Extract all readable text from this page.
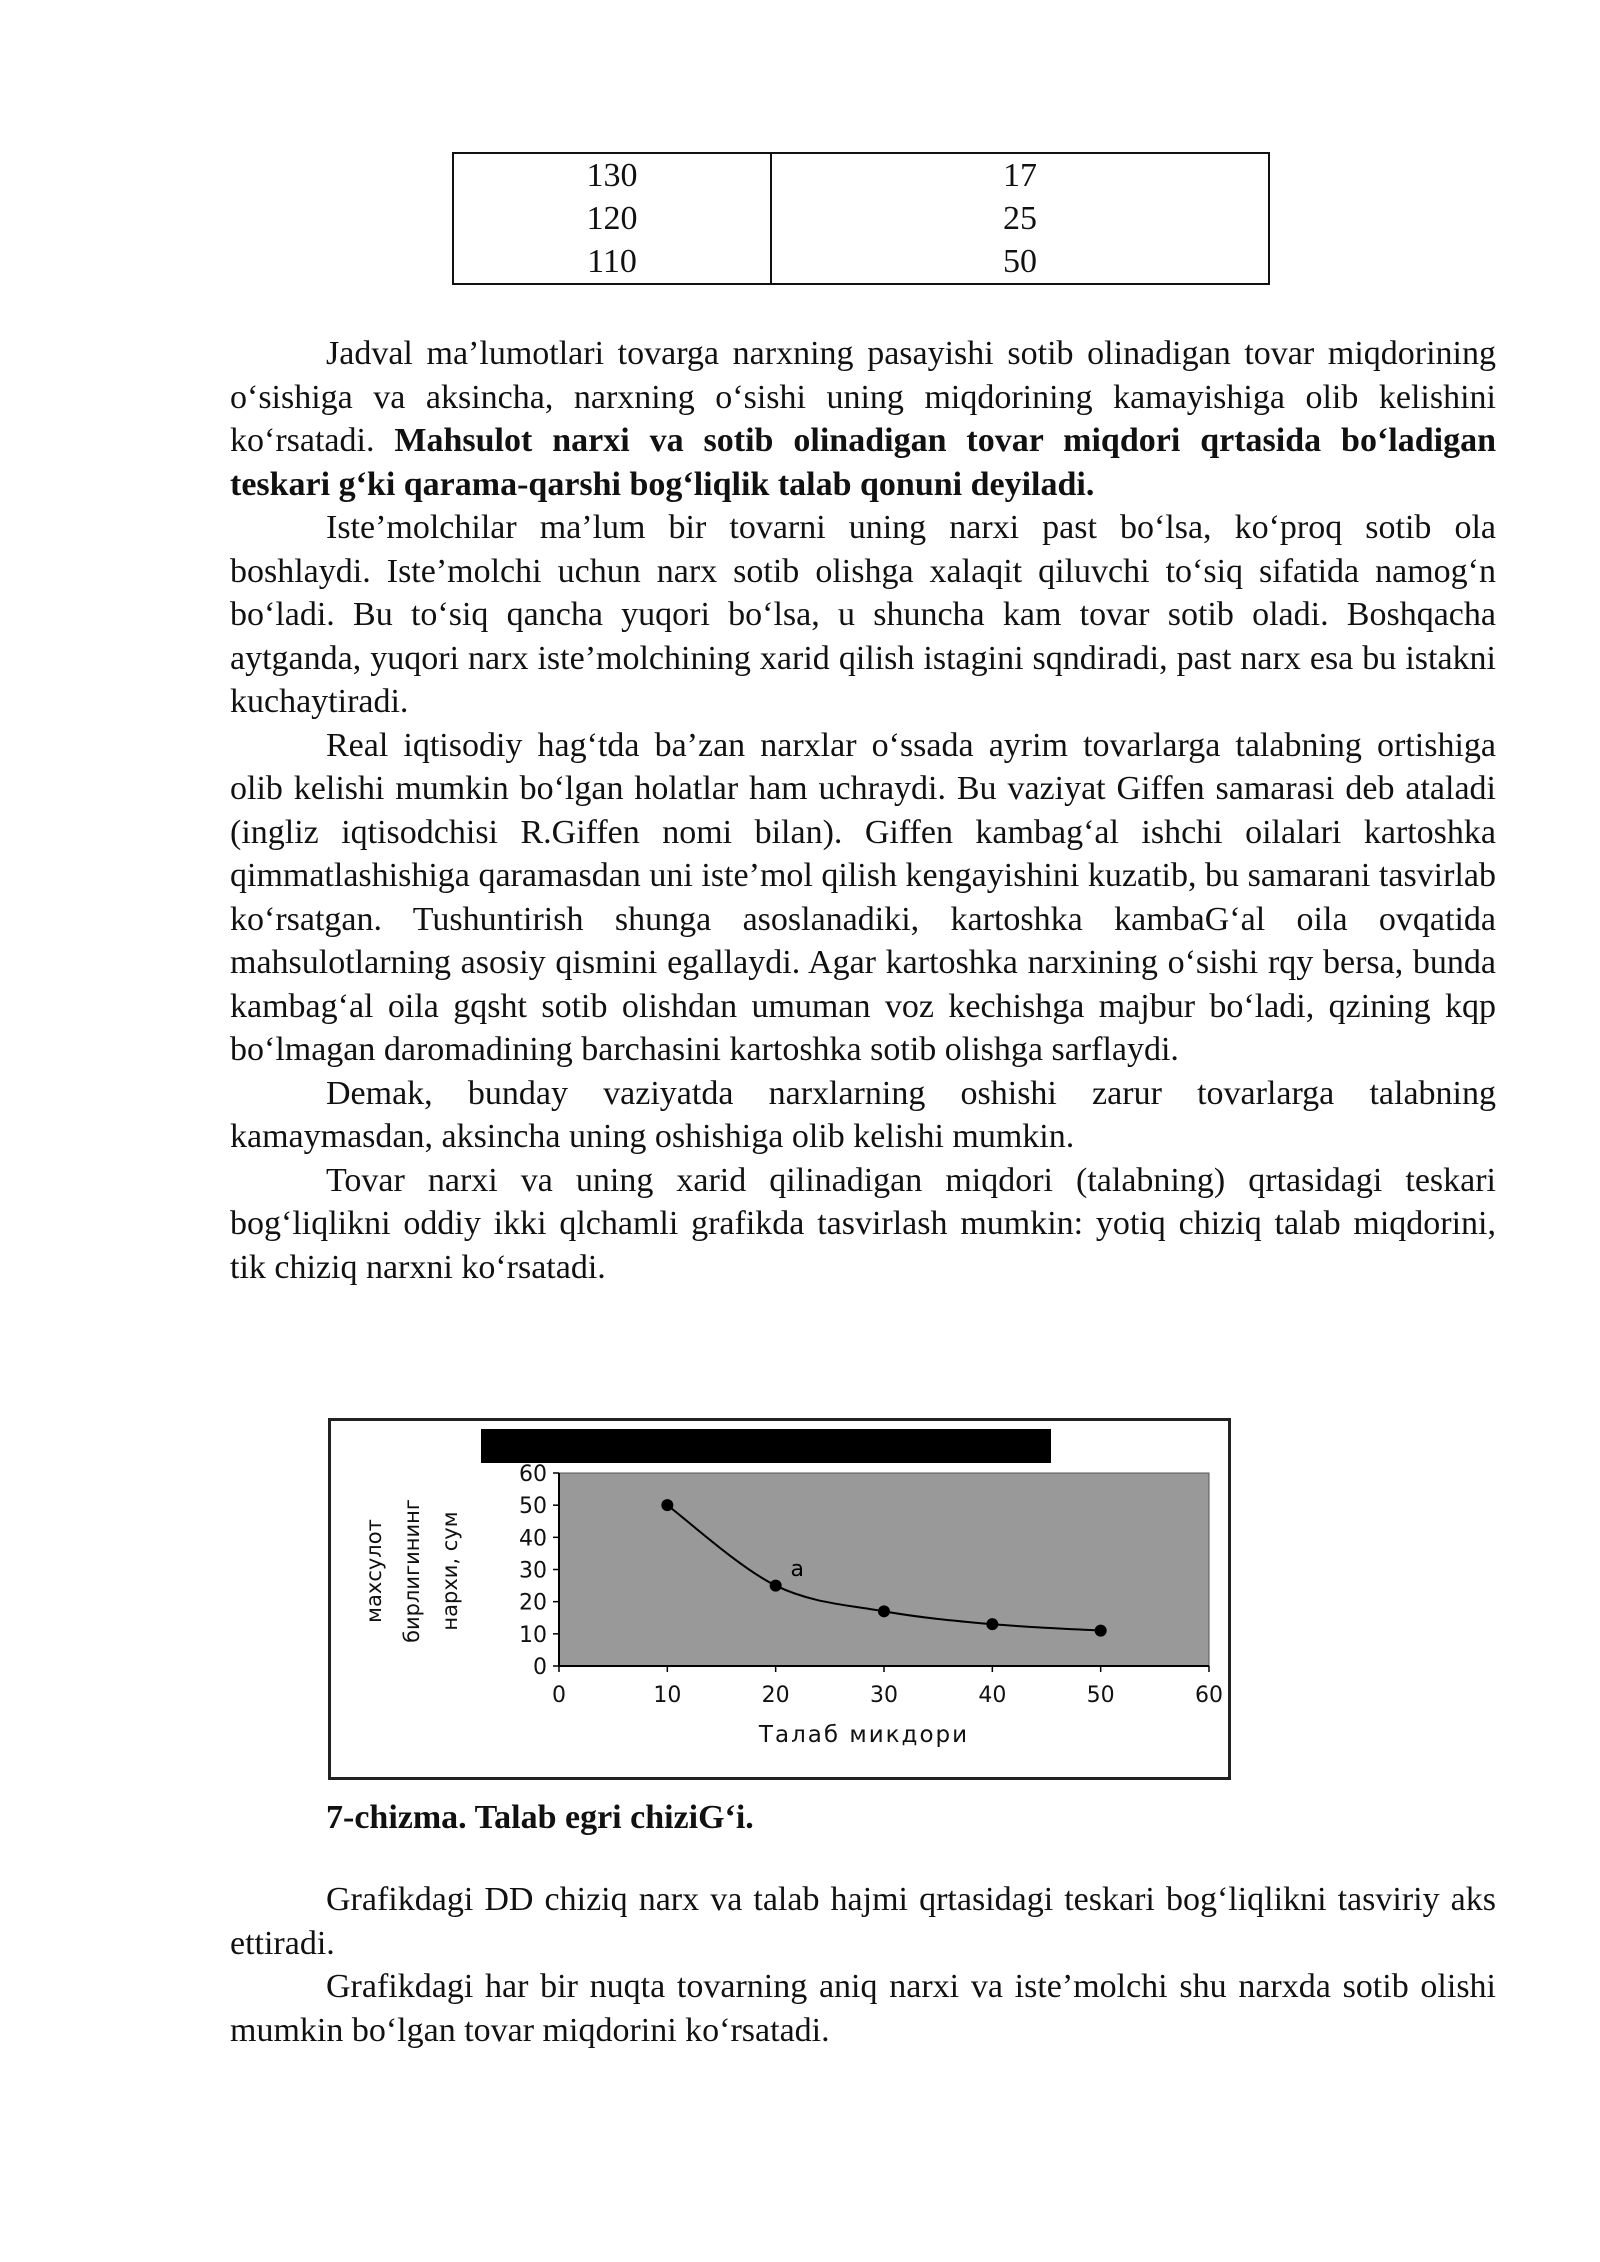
130	17
120	25
110	50

Jadval ma’lumotlari tovarga narxning pasayishi sotib olinadigan tovar miqdorining o‘sishiga va aksincha, narxning o‘sishi uning miqdorining kamayishiga olib kelishini ko‘rsatadi. Mahsulot narxi va sotib olinadigan tovar miqdori qrtasida bo‘ladigan teskari g‘ki qarama-qarshi bog‘liqlik talab qonuni deyiladi.

Iste’molchilar ma’lum bir tovarni uning narxi past bo‘lsa, ko‘proq sotib ola boshlaydi. Iste’molchi uchun narx sotib olishga xalaqit qiluvchi to‘siq sifatida namog‘n bo‘ladi. Bu to‘siq qancha yuqori bo‘lsa, u shuncha kam tovar sotib oladi. Boshqacha aytganda, yuqori narx iste’molchining xarid qilish istagini sqndiradi, past narx esa bu istakni kuchaytiradi.

Real iqtisodiy hag‘tda ba’zan narxlar o‘ssada ayrim tovarlarga talabning ortishiga olib kelishi mumkin bo‘lgan holatlar ham uchraydi. Bu vaziyat Giffen samarasi deb ataladi (ingliz iqtisodchisi R.Giffen nomi bilan). Giffen kambag‘al ishchi oilalari kartoshka qimmatlashishiga qaramasdan uni iste’mol qilish kengayishini kuzatib, bu samarani tasvirlab ko‘rsatgan. Tushuntirish shunga asoslanadiki, kartoshka kambaG‘al oila ovqatida mahsulotlarning asosiy qismini egallaydi. Agar kartoshka narxining o‘sishi rqy bersa, bunda kambag‘al oila gqsht sotib olishdan umuman voz kechishga majbur bo‘ladi, qzining kqp bo‘lmagan daromadining barchasini kartoshka sotib olishga sarflaydi.

Demak, bunday vaziyatda narxlarning oshishi zarur tovarlarga talabning kamaymasdan, aksincha uning oshishiga olib kelishi mumkin.

Tovar narxi va uning xarid qilinadigan miqdori (talabning) qrtasidagi teskari bog‘liqlikni oddiy ikki qlchamli grafikda tasvirlash mumkin: yotiq chiziq talab miqdorini, tik chiziq narxni ko‘rsatadi.

0
10
20
30
40
50
60
0	10	20	30	40	50	60
a
махсулот бирлигининг нархи, сум
Талаб микдори
7-chizma. Talab egri chiziG‘i.

Grafikdagi DD chiziq narx va talab hajmi qrtasidagi teskari bog‘liqlikni tasviriy aks ettiradi.

Grafikdagi har bir nuqta tovarning aniq narxi va iste’molchi shu narxda sotib olishi mumkin bo‘lgan tovar miqdorini ko‘rsatadi.
